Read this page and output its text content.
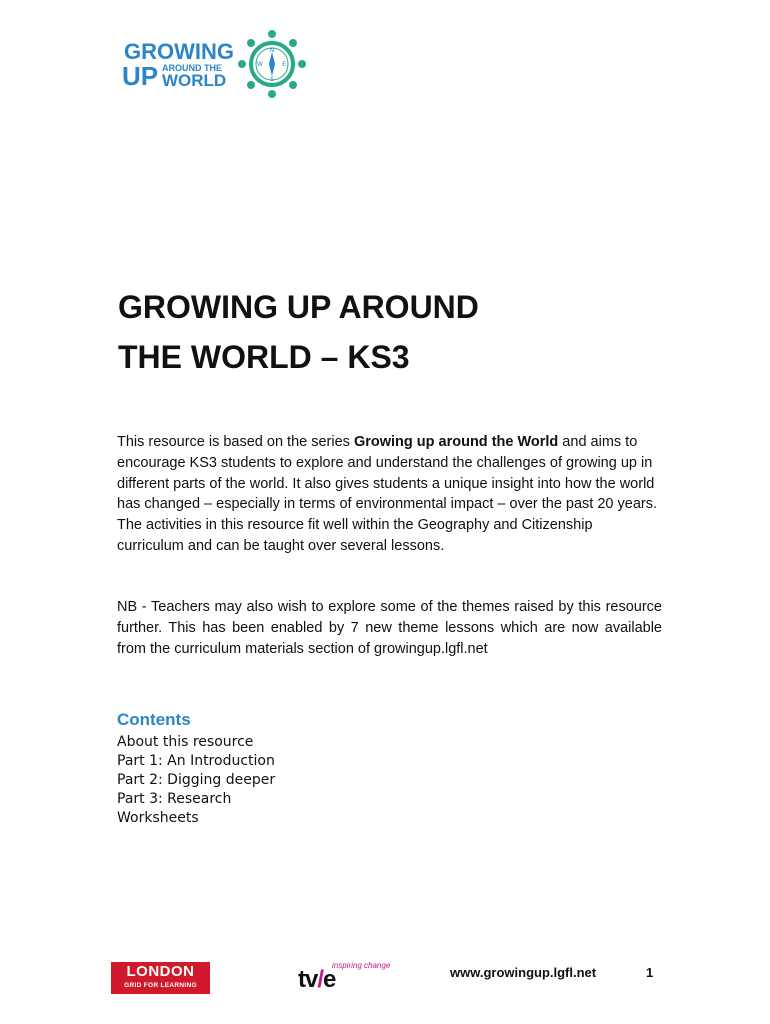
GROWING
UP AROUND THE
WORLD
N
E
S
W
GROWING UP AROUND
THE WORLD – KS3

This resource is based on the series Growing up around the World and aims to encourage KS3 students to explore and understand the challenges of growing up in different parts of the world. It also gives students a unique insight into how the world has changed – especially in terms of environmental impact – over the past 20 years. The activities in this resource fit well within the Geography and Citizenship curriculum and can be taught over several lessons.

NB - Teachers may also wish to explore some of the themes raised by this resource further. This has been enabled by 7 new theme lessons which are now available from the curriculum materials section of growingup.lgfl.net

Contents
About this resource
Part 1: An Introduction
Part 2: Digging deeper
Part 3: Research
Worksheets
LONDON
GRID FOR LEARNING
inspiring change
tv/e	www.growingup.lgfl.net	1
